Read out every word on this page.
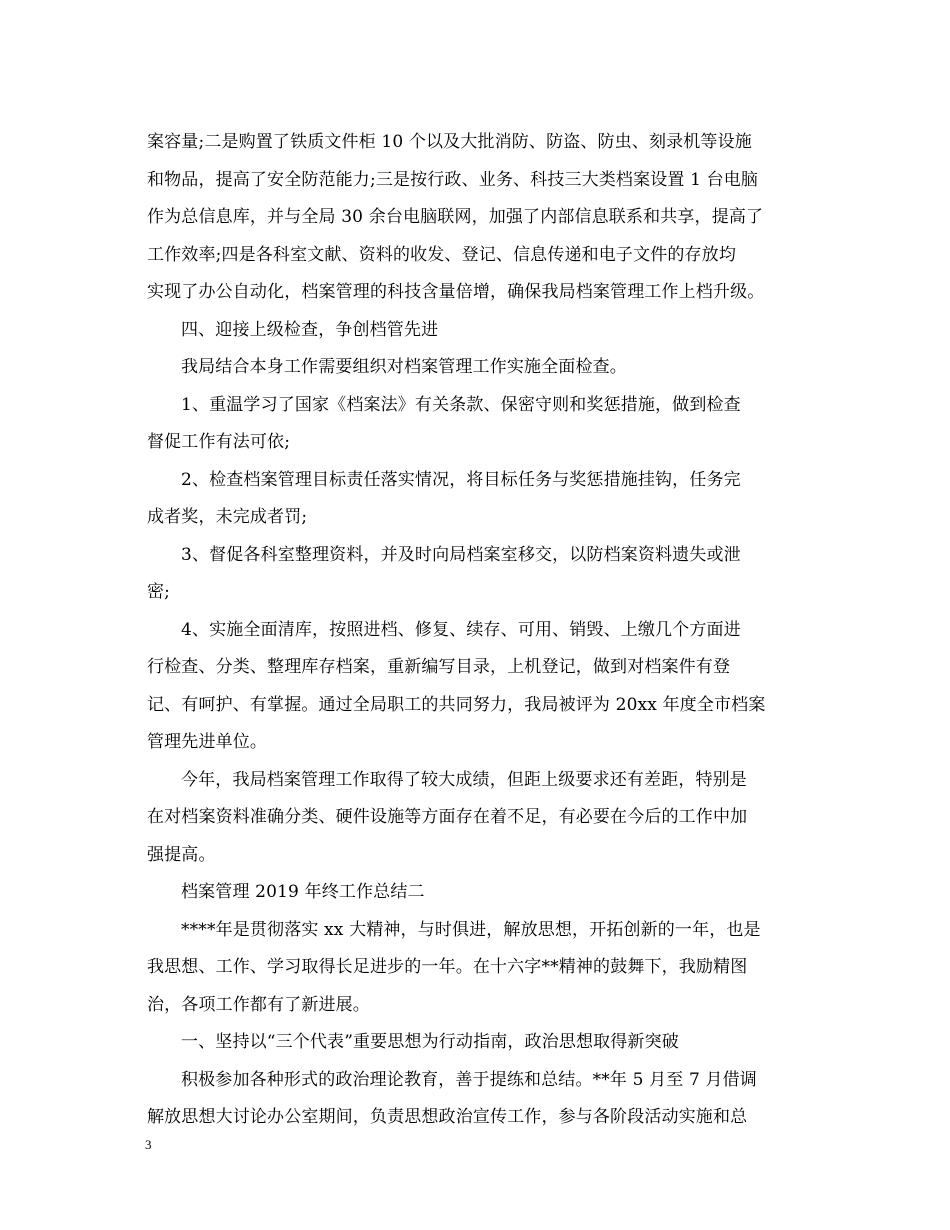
案容量;二是购置了铁质文件柜 10 个以及大批消防、防盗、防虫、刻录机等设施
和物品，提高了安全防范能力;三是按行政、业务、科技三大类档案设置 1 台电脑
作为总信息库，并与全局 30 余台电脑联网，加强了内部信息联系和共享，提高了
工作效率;四是各科室文献、资料的收发、登记、信息传递和电子文件的存放均
实现了办公自动化，档案管理的科技含量倍增，确保我局档案管理工作上档升级。
四、迎接上级检查，争创档管先进
我局结合本身工作需要组织对档案管理工作实施全面检查。
1、重温学习了国家《档案法》有关条款、保密守则和奖惩措施，做到检查
督促工作有法可依;
2、检查档案管理目标责任落实情况，将目标任务与奖惩措施挂钩，任务完
成者奖，未完成者罚;
3、督促各科室整理资料，并及时向局档案室移交，以防档案资料遗失或泄
密;
4、实施全面清库，按照进档、修复、续存、可用、销毁、上缴几个方面进
行检查、分类、整理库存档案，重新编写目录，上机登记，做到对档案件有登
记、有呵护、有掌握。通过全局职工的共同努力，我局被评为 20xx 年度全市档案
管理先进单位。
今年，我局档案管理工作取得了较大成绩，但距上级要求还有差距，特别是
在对档案资料准确分类、硬件设施等方面存在着不足，有必要在今后的工作中加
强提高。
档案管理 2019 年终工作总结二
****年是贯彻落实 xx 大精神，与时俱进，解放思想，开拓创新的一年，也是
我思想、工作、学习取得长足进步的一年。在十六字**精神的鼓舞下，我励精图
治，各项工作都有了新进展。
一、坚持以“三个代表”重要思想为行动指南，政治思想取得新突破
积极参加各种形式的政治理论教育，善于提练和总结。**年 5 月至 7 月借调
解放思想大讨论办公室期间，负责思想政治宣传工作，参与各阶段活动实施和总
3
